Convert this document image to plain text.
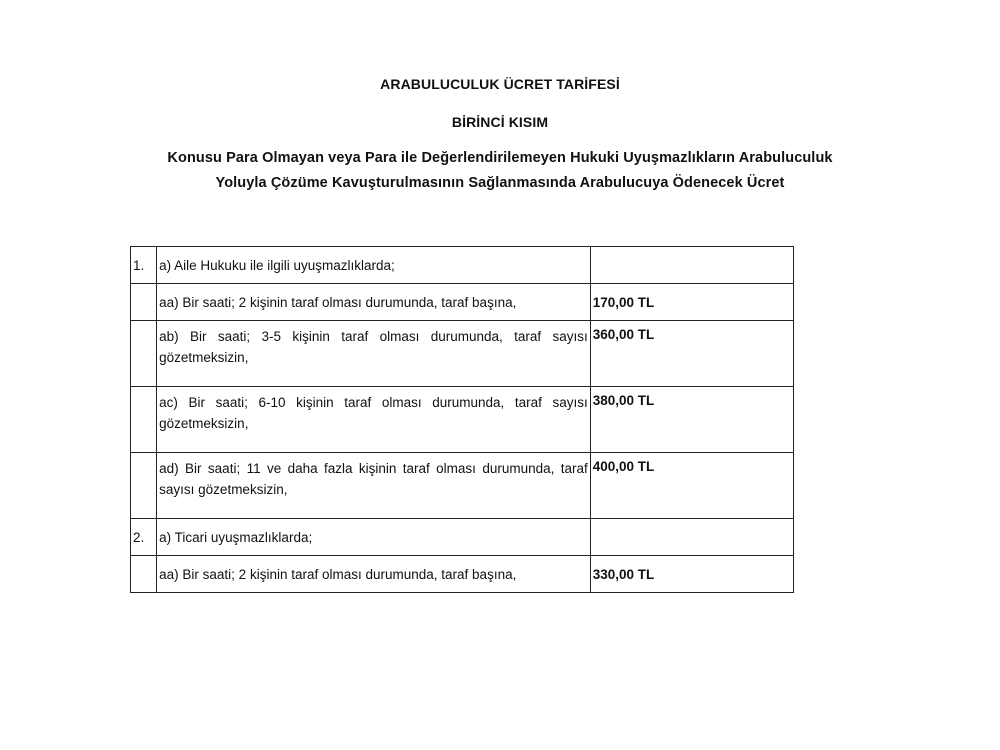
ARABULUCULUK ÜCRET TARİFESİ
BİRİNCİ KISIM
Konusu Para Olmayan veya Para ile Değerlendirilemeyen Hukuki Uyuşmazlıkların Arabuluculuk
Yoluyla Çözüme Kavuşturulmasının Sağlanmasında Arabulucuya Ödenecek Ücret
1.	a) Aile Hukuku ile ilgili uyuşmazlıklarda;	
	aa) Bir saati; 2 kişinin taraf olması durumunda, taraf başına,	170,00 TL

	ab) Bir saati; 3-5 kişinin taraf olması durumunda, taraf sayısı gözetmeksizin,	360,00 TL

	ac) Bir saati; 6-10 kişinin taraf olması durumunda, taraf sayısı gözetmeksizin,	380,00 TL

	ad) Bir saati; 11 ve daha fazla kişinin taraf olması durumunda, taraf sayısı gözetmeksizin,	400,00 TL

2.	a) Ticari uyuşmazlıklarda;	
	aa) Bir saati; 2 kişinin taraf olması durumunda, taraf başına,	330,00 TL
